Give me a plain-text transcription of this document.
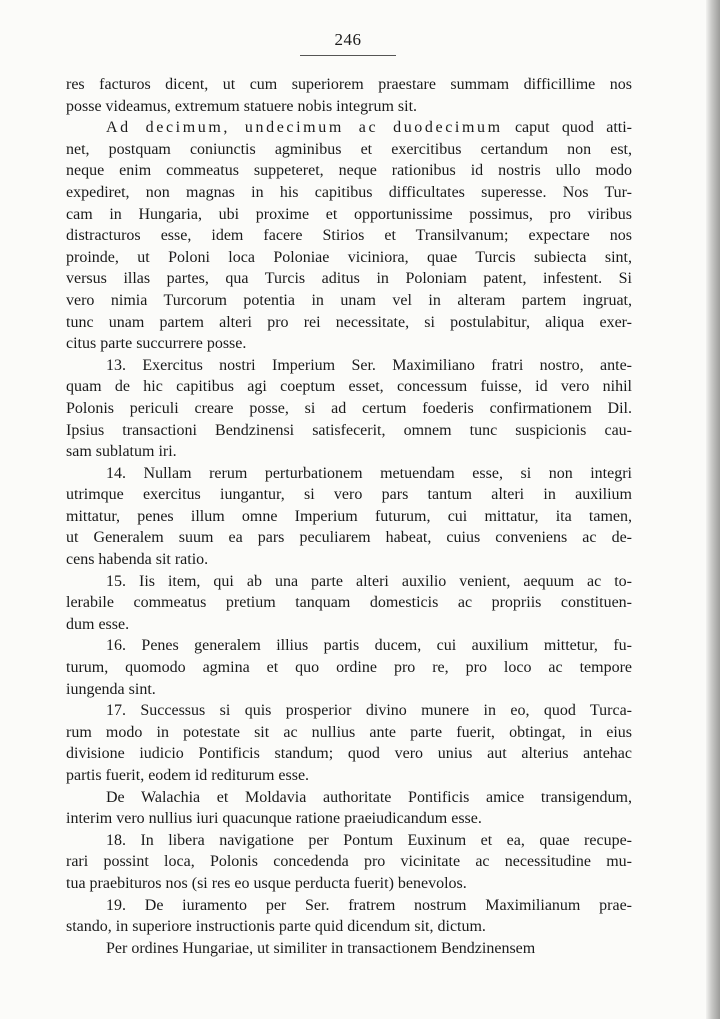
246
res facturos dicent, ut cum superiorem praestare summam difficillime nos
posse videamus, extremum statuere nobis integrum sit.
Ad decimum, undecimum ac duodecimum caput quod atti-
net, postquam coniunctis agminibus et exercitibus certandum non est,
neque enim commeatus suppeteret, neque rationibus id nostris ullo modo
expediret, non magnas in his capitibus difficultates superesse. Nos Tur-
cam in Hungaria, ubi proxime et opportunissime possimus, pro viribus
distracturos esse, idem facere Stirios et Transilvanum; expectare nos
proinde, ut Poloni loca Poloniae viciniora, quae Turcis subiecta sint,
versus illas partes, qua Turcis aditus in Poloniam patent, infestent. Si
vero nimia Turcorum potentia in unam vel in alteram partem ingruat,
tunc unam partem alteri pro rei necessitate, si postulabitur, aliqua exer-
citus parte succurrere posse.
13. Exercitus nostri Imperium Ser. Maximiliano fratri nostro, ante-
quam de hic capitibus agi coeptum esset, concessum fuisse, id vero nihil
Polonis periculi creare posse, si ad certum foederis confirmationem Dil.
Ipsius transactioni Bendzinensi satisfecerit, omnem tunc suspicionis cau-
sam sublatum iri.
14. Nullam rerum perturbationem metuendam esse, si non integri
utrimque exercitus iungantur, si vero pars tantum alteri in auxilium
mittatur, penes illum omne Imperium futurum, cui mittatur, ita tamen,
ut Generalem suum ea pars peculiarem habeat, cuius conveniens ac de-
cens habenda sit ratio.
15. Iis item, qui ab una parte alteri auxilio venient, aequum ac to-
lerabile commeatus pretium tanquam domesticis ac propriis constituen-
dum esse.
16. Penes generalem illius partis ducem, cui auxilium mittetur, fu-
turum, quomodo agmina et quo ordine pro re, pro loco ac tempore
iungenda sint.
17. Successus si quis prosperior divino munere in eo, quod Turca-
rum modo in potestate sit ac nullius ante parte fuerit, obtingat, in eius
divisione iudicio Pontificis standum; quod vero unius aut alterius antehac
partis fuerit, eodem id rediturum esse.
De Walachia et Moldavia authoritate Pontificis amice transigendum,
interim vero nullius iuri quacunque ratione praeiudicandum esse.
18. In libera navigatione per Pontum Euxinum et ea, quae recupe-
rari possint loca, Polonis concedenda pro vicinitate ac necessitudine mu-
tua praebituros nos (si res eo usque perducta fuerit) benevolos.
19. De iuramento per Ser. fratrem nostrum Maximilianum prae-
stando, in superiore instructionis parte quid dicendum sit, dictum.
Per ordines Hungariae, ut similiter in transactionem Bendzinensem
